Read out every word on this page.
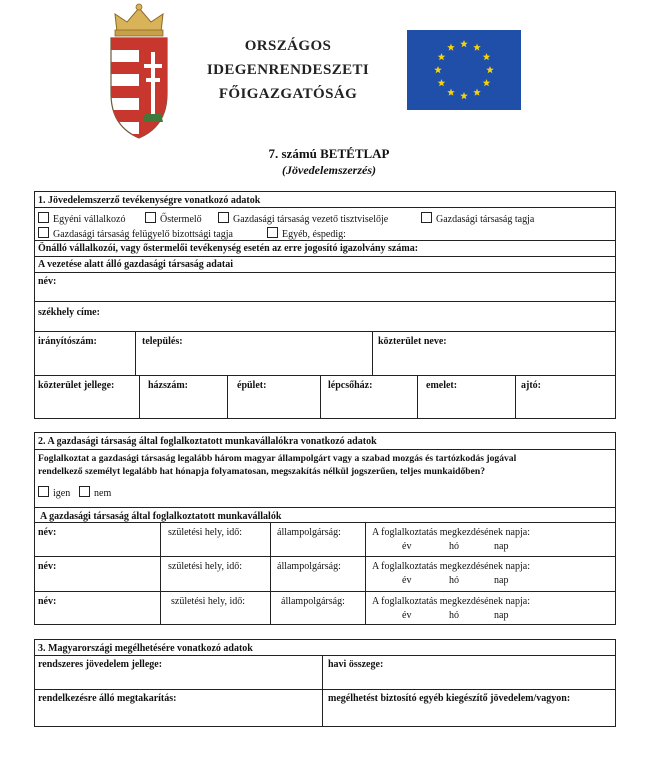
ORSZÁGOS
IDEGENRENDESZETI
FŐIGAZGATÓSÁG
7. számú BETÉTLAP
(Jövedelemszerzés)
1. Jövedelemszerző tevékenységre vonatkozó adatok
Egyéni vállalkozó	Őstermelő	Gazdasági társaság vezető tisztviselője	Gazdasági társaság tagja
Gazdasági társaság felügyelő bizottsági tagja	Egyéb, éspedig:
Önálló vállalkozói, vagy őstermelői tevékenység esetén az erre jogosító igazolvány száma:
A vezetése alatt álló gazdasági társaság adatai
név:
székhely címe:
irányítószám:	település:	közterület neve:
közterület jellege:	házszám:	épület:	lépcsőház:	emelet:	ajtó:
2. A gazdasági társaság által foglalkoztatott munkavállalókra vonatkozó adatok
Foglalkoztat a gazdasági társaság legalább három magyar állampolgárt vagy a szabad mozgás és tartózkodás jogával
rendelkező személyt legalább hat hónapja folyamatosan, megszakítás nélkül jogszerűen, teljes munkaidőben?
igen	nem
A gazdasági társaság által foglalkoztatott munkavállalók
név:	születési hely, idő:	állampolgárság:	A foglalkoztatás megkezdésének napja:
év	hó	nap
név:	születési hely, idő:	állampolgárság:	A foglalkoztatás megkezdésének napja:
év	hó	nap
név:	születési hely, idő:	állampolgárság:	A foglalkoztatás megkezdésének napja:
év	hó	nap
3. Magyarországi megélhetésére vonatkozó adatok
rendszeres jövedelem jellege:	havi összege:
rendelkezésre álló megtakarítás:	megélhetést biztosító egyéb kiegészítő jövedelem/vagyon:
